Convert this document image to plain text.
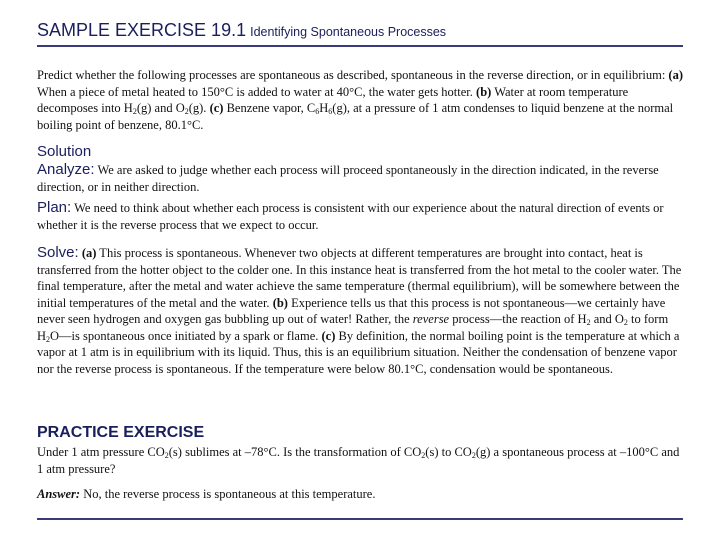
SAMPLE EXERCISE 19.1 Identifying Spontaneous Processes

Predict whether the following processes are spontaneous as described, spontaneous in the reverse direction, or in equilibrium: (a) When a piece of metal heated to 150°C is added to water at 40°C, the water gets hotter. (b) Water at room temperature decomposes into $H_2(g)$ and $O_2(g)$. (c) Benzene vapor, $C_6H_6(g)$, at a pressure of 1 atm condenses to liquid benzene at the normal boiling point of benzene, 80.1°C.

Solution

Analyze: We are asked to judge whether each process will proceed spontaneously in the direction indicated, in the reverse direction, or in neither direction.

Plan: We need to think about whether each process is consistent with our experience about the natural direction of events or whether it is the reverse process that we expect to occur.

Solve: (a) This process is spontaneous. Whenever two objects at different temperatures are brought into contact, heat is transferred from the hotter object to the colder one. In this instance heat is transferred from the hot metal to the cooler water. The final temperature, after the metal and water achieve the same temperature (thermal equilibrium), will be somewhere between the initial temperatures of the metal and the water. (b) Experience tells us that this process is not spontaneous—we certainly have never seen hydrogen and oxygen gas bubbling up out of water! Rather, the reverse process—the reaction of $H_2$ and $O_2$ to form $H_2O—is$ spontaneous once initiated by a spark or flame. (c) By definition, the normal boiling point is the temperature at which a vapor at 1 atm is in equilibrium with its liquid. Thus, this is an equilibrium situation. Neither the condensation of benzene vapor nor the reverse process is spontaneous. If the temperature were below 80.1°C, condensation would be spontaneous.

PRACTICE EXERCISE

Under 1 atm pressure $CO_2(s)$ sublimes at –78°C. Is the transformation of $CO_2(s)$ to $CO_2(g)$ a spontaneous process at –100°C and 1 atm pressure?

Answer: No, the reverse process is spontaneous at this temperature.
